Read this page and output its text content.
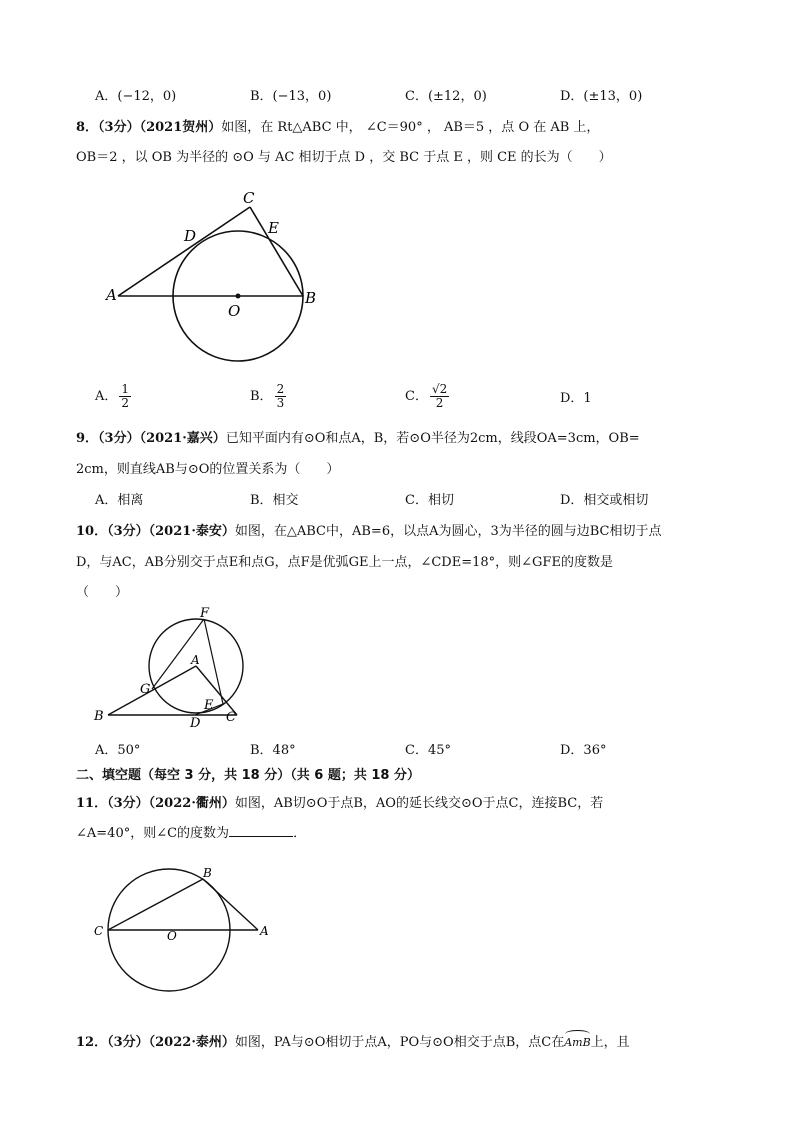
A．(−12，0)	B．(−13，0)	C．(±12，0)	D．(±13，0)
8．（3分）（2021贺州）如图，在 Rt△ABC 中， ∠C＝90° ， AB＝5 ，点 O 在 AB 上，
OB＝2 ，以 OB 为半径的 ⊙O 与 AC 相切于点 D ，交 BC 于点 E ，则 CE 的长为（　　）
A	B
C
D	E
O
A． $\frac{1}{2}$	B． $\frac{2}{3}$	C． $\frac{√2}{2}$	D．1
9．（3分）（2021·嘉兴）已知平面内有⊙O和点A，B，若⊙O半径为2cm，线段OA=3cm，OB=
2cm，则直线AB与⊙O的位置关系为（　　）
A．相离	B．相交	C．相切	D．相交或相切
10．（3分）（2021·泰安）如图，在△ABC中，AB=6，以点A为圆心，3为半径的圆与边BC相切于点
D，与AC，AB分别交于点E和点G，点F是优弧GE上一点，∠CDE=18°，则∠GFE的度数是
（　　）
B	C
D
E
F
G
A
A．50°	B．48°	C．45°	D．36°
二、填空题（每空 3 分，共 18 分）（共 6 题；共 18 分）
11．（3分）（2022·衢州）如图，AB切⊙O于点B，AO的延长线交⊙O于点C，连接BC，若
∠A=40°，则∠C的度数为	．
C
B
A
O
12．（3分）（2022·泰州）如图，PA与⊙O相切于点A，PO与⊙O相交于点B，点C在
AmB上，且
